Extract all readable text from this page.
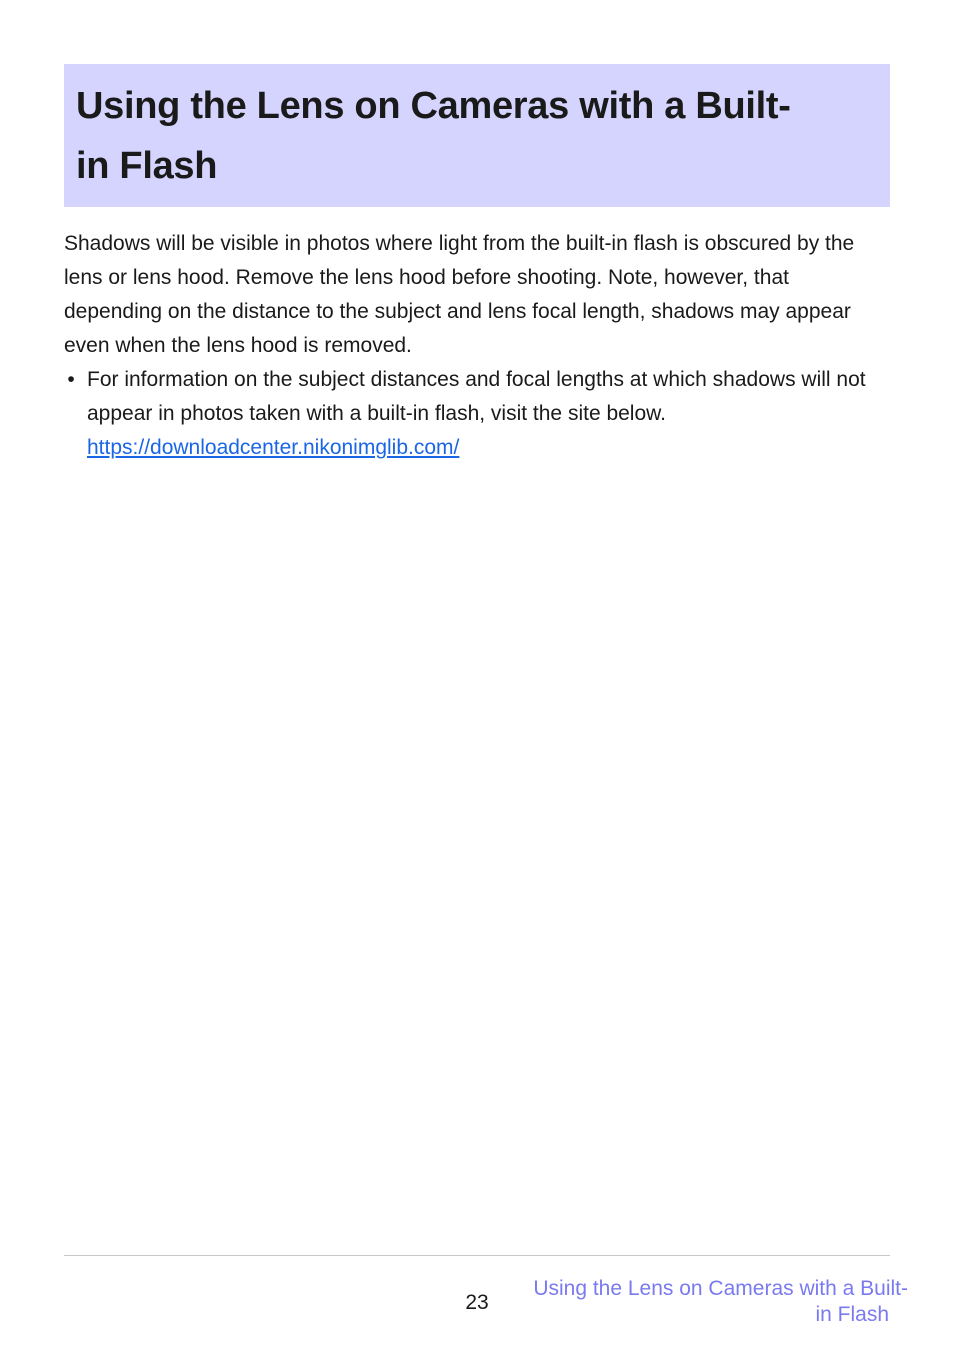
Using the Lens on Cameras with a Built-
in Flash

Shadows will be visible in photos where light from the built-in flash is obscured by the lens or lens hood. Remove the lens hood before shooting. Note, however, that depending on the distance to the subject and lens focal length, shadows may appear even when the lens hood is removed.

• For information on the subject distances and focal lengths at which shadows will not appear in photos taken with a built-in flash, visit the site below.
https://downloadcenter.nikonimglib.com/
23
Using the Lens on Cameras with a Built-
in Flash
